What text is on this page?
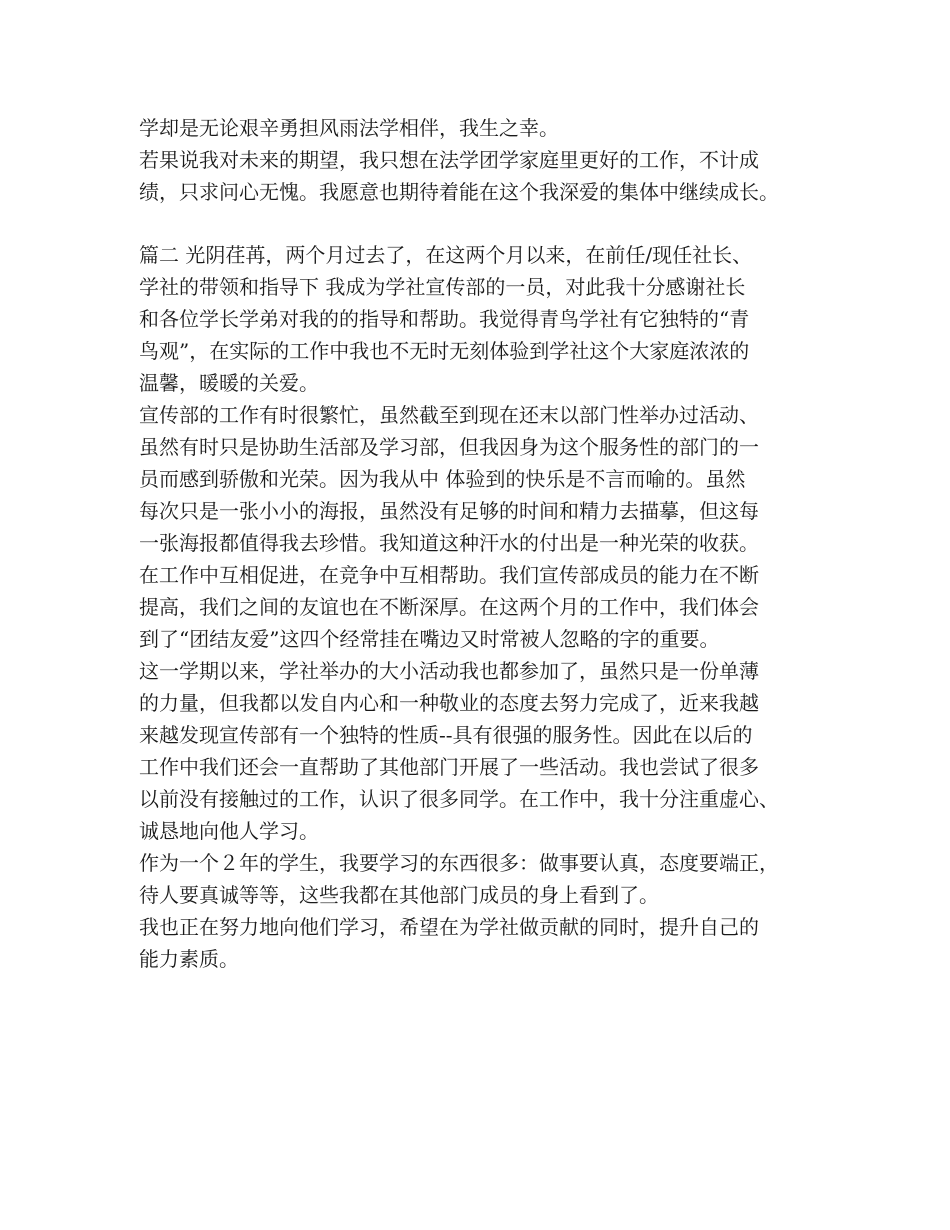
学却是无论艰辛勇担风雨法学相伴，我生之幸。
若果说我对未来的期望，我只想在法学团学家庭里更好的工作，不计成
绩，只求问心无愧。我愿意也期待着能在这个我深爱的集体中继续成长。
篇二 光阴荏苒，两个月过去了，在这两个月以来，在前任/现任社长、
学社的带领和指导下 我成为学社宣传部的一员，对此我十分感谢社长
和各位学长学弟对我的的指导和帮助。我觉得青鸟学社有它独特的“青
鸟观”，在实际的工作中我也不无时无刻体验到学社这个大家庭浓浓的
温馨，暖暖的关爱。
宣传部的工作有时很繁忙，虽然截至到现在还末以部门性举办过活动、
虽然有时只是协助生活部及学习部，但我因身为这个服务性的部门的一
员而感到骄傲和光荣。因为我从中 体验到的快乐是不言而喻的。虽然
每次只是一张小小的海报，虽然没有足够的时间和精力去描摹，但这每
一张海报都值得我去珍惜。我知道这种汗水的付出是一种光荣的收获。
在工作中互相促进，在竞争中互相帮助。我们宣传部成员的能力在不断
提高，我们之间的友谊也在不断深厚。在这两个月的工作中，我们体会
到了“团结友爱”这四个经常挂在嘴边又时常被人忽略的字的重要。
这一学期以来，学社举办的大小活动我也都参加了，虽然只是一份单薄
的力量，但我都以发自内心和一种敬业的态度去努力完成了，近来我越
来越发现宣传部有一个独特的性质--具有很强的服务性。因此在以后的
工作中我们还会一直帮助了其他部门开展了一些活动。我也尝试了很多
以前没有接触过的工作，认识了很多同学。在工作中，我十分注重虚心、
诚恳地向他人学习。
作为一个２年的学生，我要学习的东西很多：做事要认真，态度要端正，
待人要真诚等等，这些我都在其他部门成员的身上看到了。
我也正在努力地向他们学习，希望在为学社做贡献的同时，提升自己的
能力素质。
